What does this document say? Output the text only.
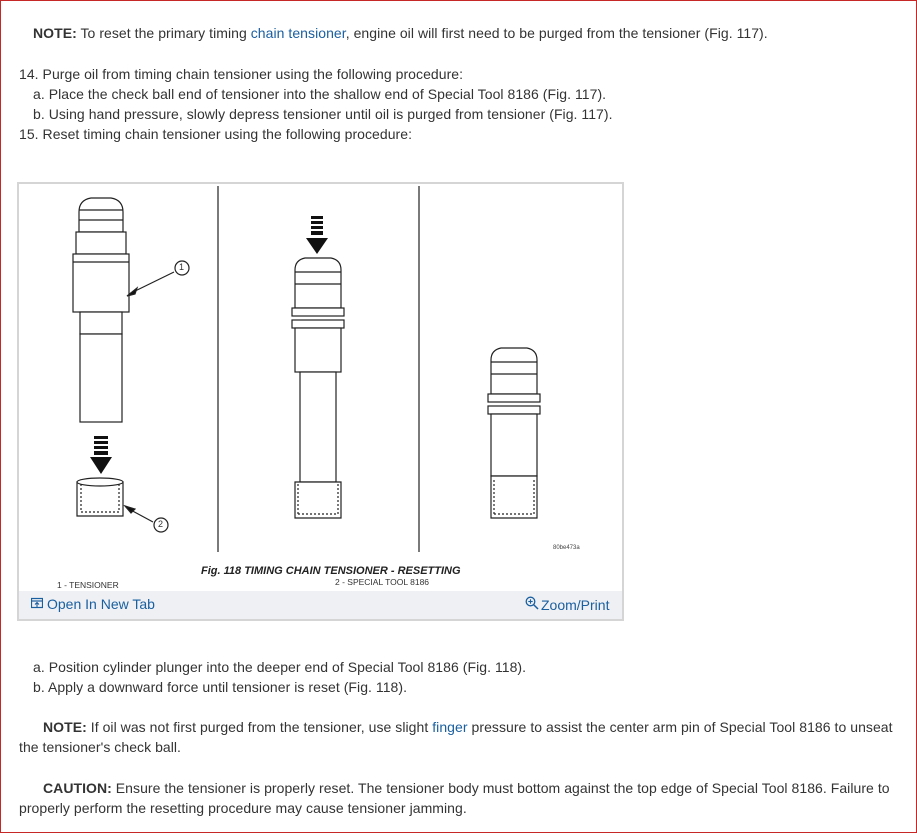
NOTE: To reset the primary timing chain tensioner, engine oil will first need to be purged from the tensioner (Fig. 117).
14. Purge oil from timing chain tensioner using the following procedure:
a. Place the check ball end of tensioner into the shallow end of Special Tool 8186 (Fig. 117).
b. Using hand pressure, slowly depress tensioner until oil is purged from tensioner (Fig. 117).
15. Reset timing chain tensioner using the following procedure:
1
2
80be473a
Fig. 118 TIMING CHAIN TENSIONER - RESETTING
2 - SPECIAL TOOL 8186
1 - TENSIONER
Open In New Tab	Zoom/Print
a. Position cylinder plunger into the deeper end of Special Tool 8186 (Fig. 118).
b. Apply a downward force until tensioner is reset (Fig. 118).
NOTE: If oil was not first purged from the tensioner, use slight finger pressure to assist the center arm pin of Special Tool 8186 to unseat the tensioner's check ball.
CAUTION: Ensure the tensioner is properly reset. The tensioner body must bottom against the top edge of Special Tool 8186. Failure to properly perform the resetting procedure may cause tensioner jamming.
